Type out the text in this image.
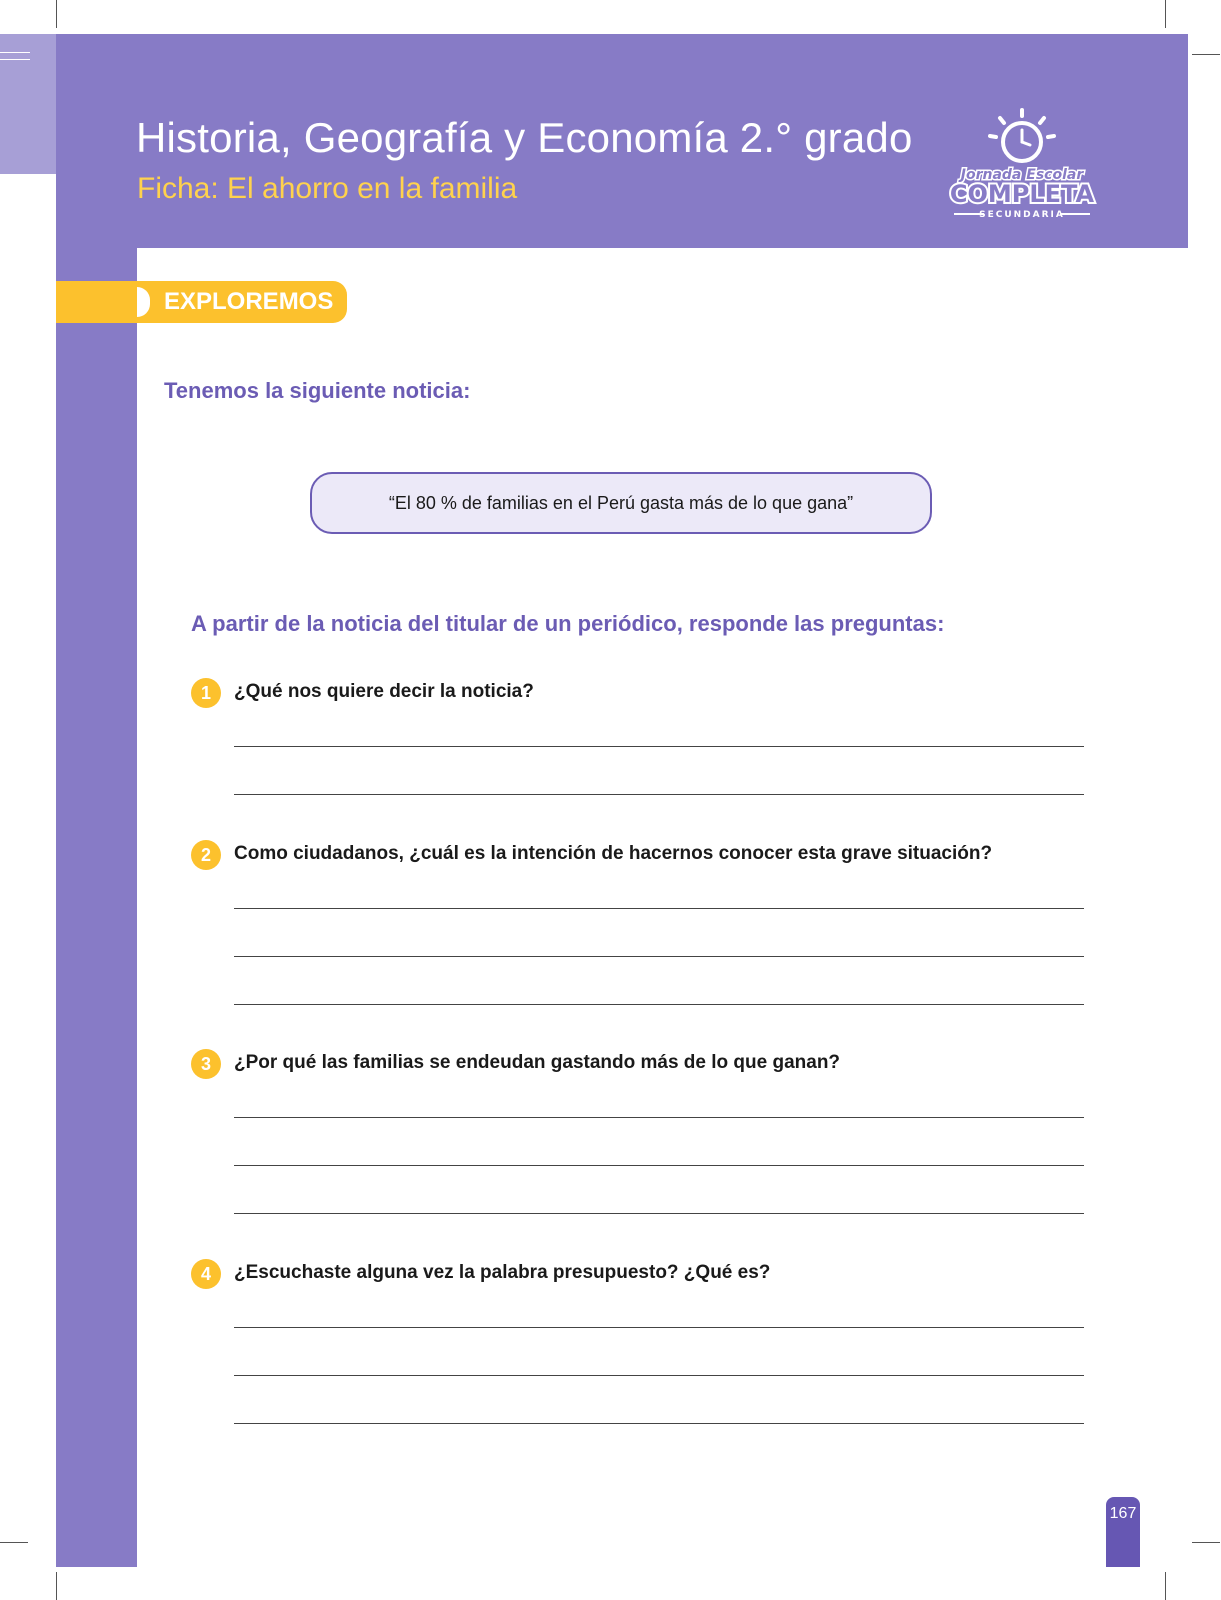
Historia, Geografía y Economía 2.° grado
Ficha: El ahorro en la familia	Jornada Escolar
COMPLETA
SECUNDARIA
EXPLOREMOS
Tenemos la siguiente noticia:
“El 80 % de familias en el Perú gasta más de lo que gana”
A partir de la noticia del titular de un periódico, responde las preguntas:
1	¿Qué nos quiere decir la noticia?
2	Como ciudadanos, ¿cuál es la intención de hacernos conocer esta grave situación?
3	¿Por qué las familias se endeudan gastando más de lo que ganan?
4	¿Escuchaste alguna vez la palabra presupuesto? ¿Qué es?
167
